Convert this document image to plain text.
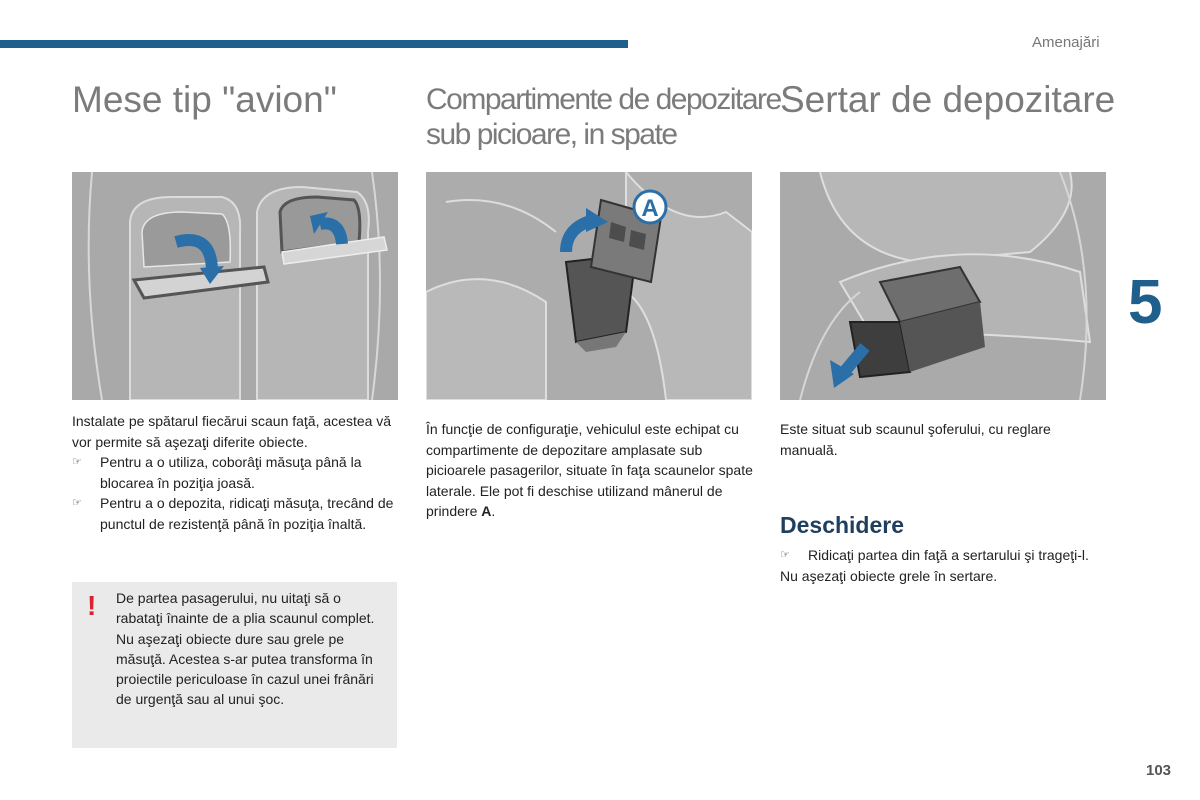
Amenajări
5
103
Mese tip "avion"
Instalate pe spătarul fiecărui scaun faţă, acestea vă vor permite să aşezaţi diferite obiecte.
☞ Pentru a o utiliza, coborâţi măsuţa până la blocarea în poziţia joasă.
☞ Pentru a o depozita, ridicaţi măsuţa, trecând de punctul de rezistenţă până în poziţia înaltă.
! De partea pasagerului, nu uitaţi să o rabataţi înainte de a plia scaunul complet.

Nu aşezaţi obiecte dure sau grele pe măsuţă. Acestea s-ar putea transforma în proiectile periculoase în cazul unei frânări de urgenţă sau al unui şoc.

Compartimente de depozitare
sub picioare, in spate
A

În funcţie de configuraţie, vehiculul este echipat cu compartimente de depozitare amplasate sub picioarele pasagerilor, situate în faţa scaunelor spate laterale. Ele pot fi deschise utilizand mânerul de prindere A.

Sertar de depozitare

Este situat sub scaunul şoferului, cu reglare manuală.

Deschidere
☞ Ridicaţi partea din faţă a sertarului şi trageţi-l.
Nu aşezaţi obiecte grele în sertare.
